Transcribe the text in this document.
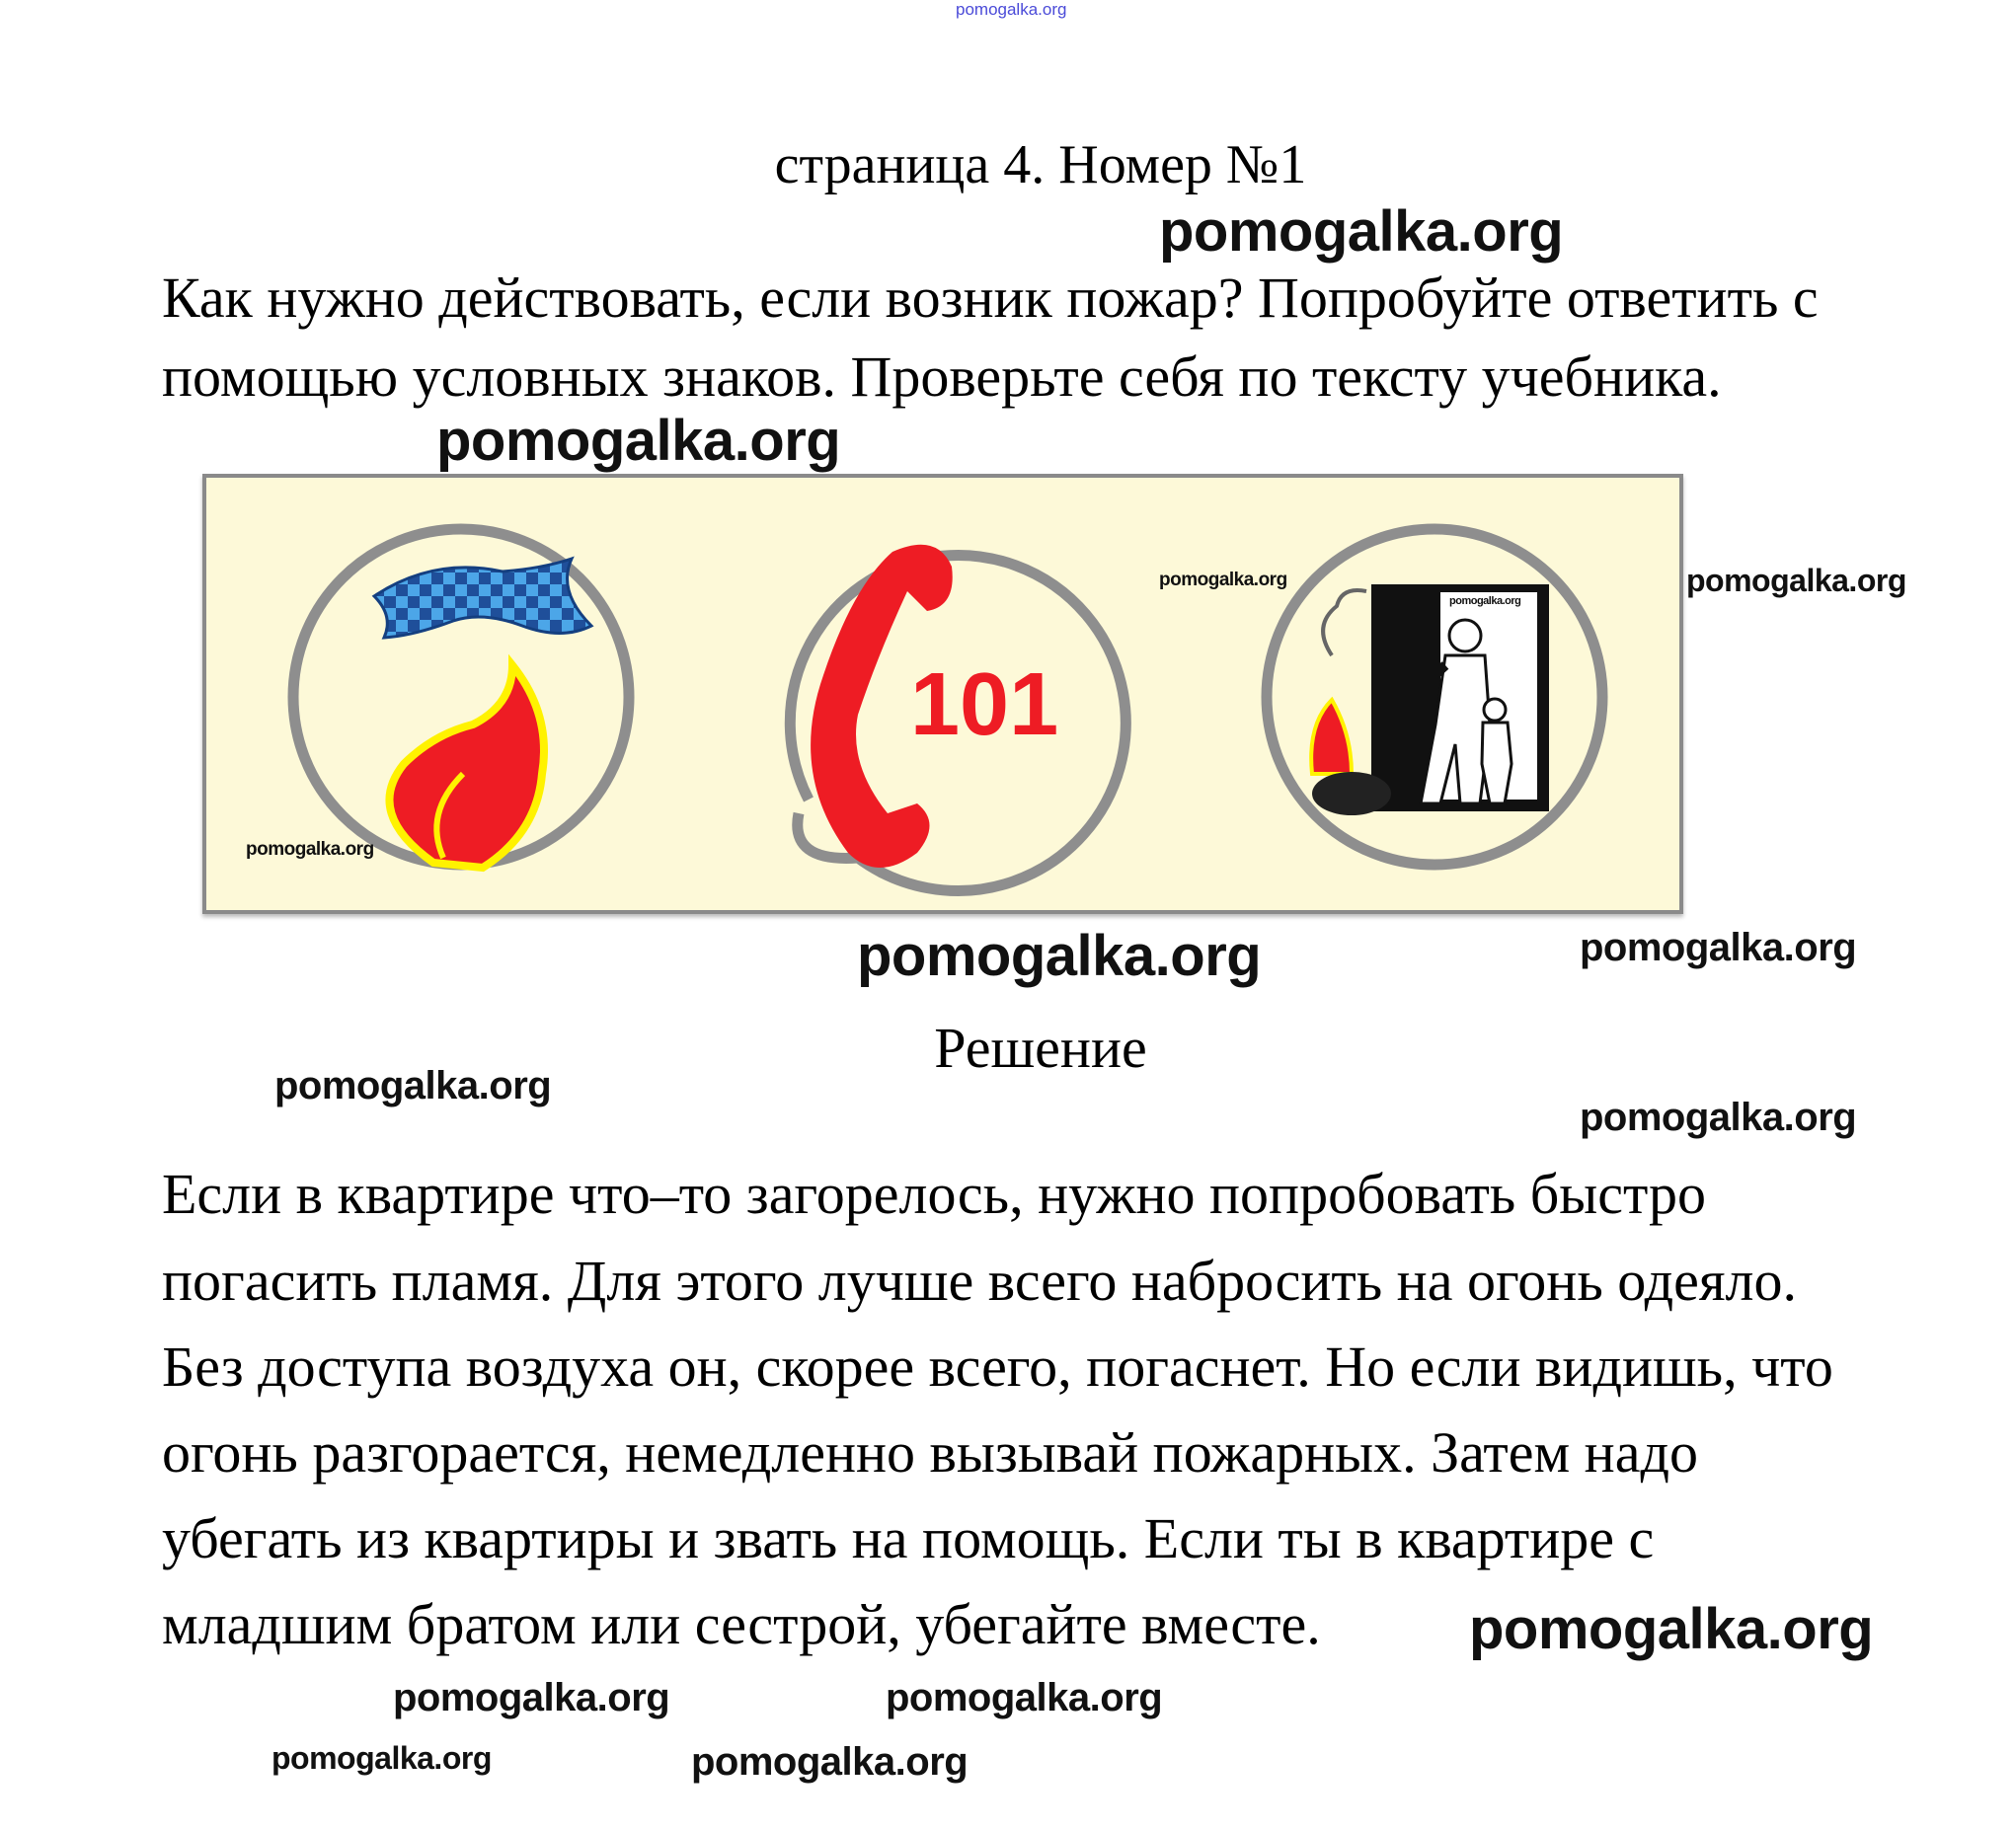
pomogalka.org
страница 4. Номер №1
Как нужно действовать, если возник пожар? Попробуйте ответить с
помощью условных знаков. Проверьте себя по тексту учебника.
101
Решение
Если в квартире что–то загорелось, нужно попробовать быстро
погасить пламя. Для этого лучше всего набросить на огонь одеяло.
Без доступа воздуха он, скорее всего, погаснет. Но если видишь, что
огонь разгорается, немедленно вызывай пожарных. Затем надо
убегать из квартиры и звать на помощь. Если ты в квартире с
младшим братом или сестрой, убегайте вместе.
pomogalka.org
pomogalka.org
pomogalka.org
pomogalka.org
pomogalka.org
pomogalka.org
pomogalka.org	pomogalka.org
pomogalka.org
pomogalka.org
pomogalka.org	pomogalka.org
pomogalka.org	pomogalka.org
pomogalka.org
